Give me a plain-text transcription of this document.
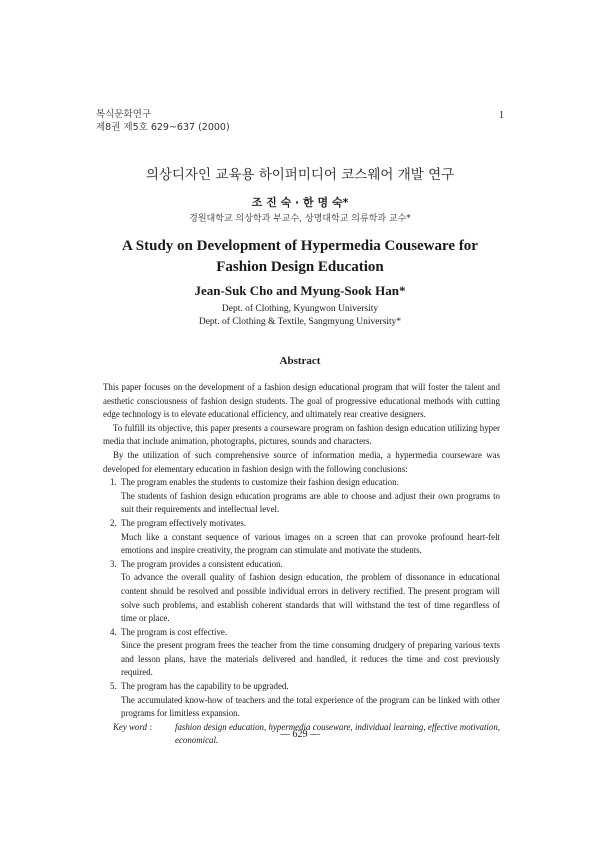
복식문화연구
제8권 제5호 629~637 (2000)
1
의상디자인 교육용 하이퍼미디어 코스웨어 개발 연구
조 진 숙 · 한 명 숙*
경원대학교 의상학과 부교수, 상명대학교 의류학과 교수*
A Study on Development of Hypermedia Couseware for
Fashion Design Education
Jean-Suk Cho and Myung-Sook Han*
Dept. of Clothing, Kyungwon University
Dept. of Clothing & Textile, Sangmyung University*
Abstract

This paper focuses on the development of a fashion design educational program that will foster the talent and aesthetic consciousness of fashion design students. The goal of progressive educational methods with cutting edge technology is to elevate educational efficiency, and ultimately rear creative designers.

To fulfill its objective, this paper presents a courseware program on fashion design education utilizing hyper media that include animation, photographs, pictures, sounds and characters.

By the utilization of such comprehensive source of information media, a hypermedia courseware was developed for elementary education in fashion design with the following conclusions:

1. The program enables the students to customize their fashion design education.

The students of fashion design education programs are able to choose and adjust their own programs to suit their requirements and intellectual level.

2. The program effectively motivates.

Much like a constant sequence of various images on a screen that can provoke profound heart-felt emotions and inspire creativity, the program can stimulate and motivate the students.

3. The program provides a consistent education.

To advance the overall quality of fashion design education, the problem of dissonance in educational content should be resolved and possible individual errors in delivery rectified. The present program will solve such problems, and establish coherent standards that will withstand the test of time regardless of time or place.

4. The program is cost effective.

Since the present program frees the teacher from the time consuming drudgery of preparing various texts and lesson plans, have the materials delivered and handled, it reduces the time and cost previously required.

5. The program has the capability to be upgraded.

The accumulated know-how of teachers and the total experience of the program can be linked with other programs for limitless expansion.

Key word :	fashion design education, hypermedia couseware, individual learning, effective motivation, economical.
— 629 —
